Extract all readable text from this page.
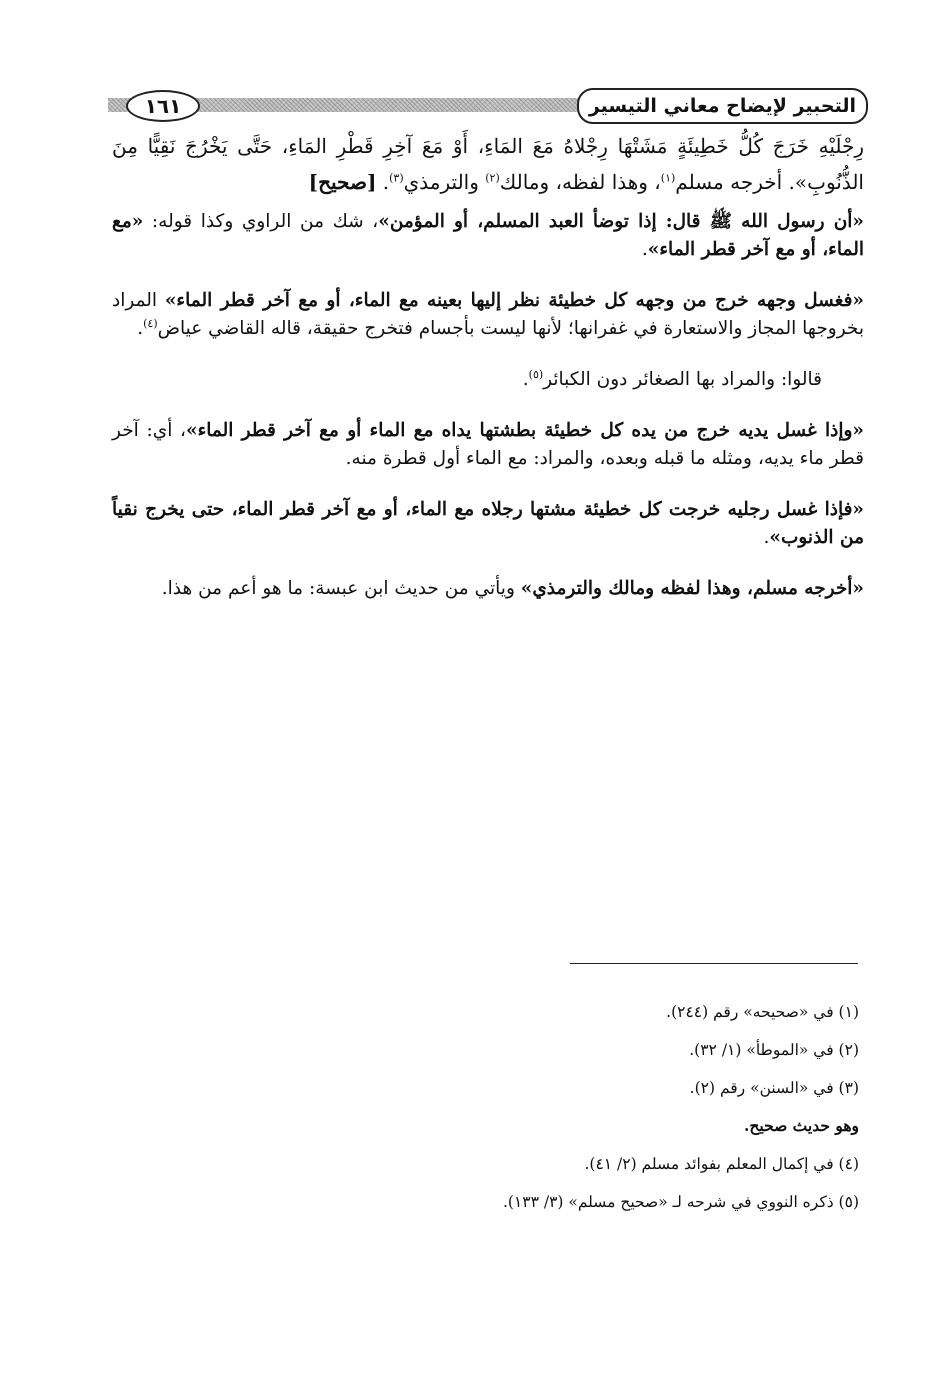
التحبير لإيضاح معاني التيسير
١٦١

رِجْلَيْهِ خَرَجَ كُلُّ خَطِيئَةٍ مَشَتْهَا رِجْلاهُ مَعَ المَاءِ، أَوْ مَعَ آخِرِ قَطْرِ المَاءِ، حَتَّى يَخْرُجَ نَقِيًّا مِنَ الذُّنُوبِ». أخرجه مسلم$^{(١)}$، وهذا لفظه، ومالك$^{(٢)}$ والترمذي$^{(٣)}$. [صحيح]

«أن رسول الله ﷺ قال: إذا توضأ العبد المسلم، أو المؤمن»، شك من الراوي وكذا قوله: «مع الماء، أو مع آخر قطر الماء».

«فغسل وجهه خرج من وجهه كل خطيئة نظر إليها بعينه مع الماء، أو مع آخر قطر الماء» المراد بخروجها المجاز والاستعارة في غفرانها؛ لأنها ليست بأجسام فتخرج حقيقة، قاله القاضي عياض$^{(٤)}$.

قالوا: والمراد بها الصغائر دون الكبائر$^{(٥)}$.

«وإذا غسل يديه خرج من يده كل خطيئة بطشتها يداه مع الماء أو مع آخر قطر الماء»، أي: آخر قطر ماء يديه، ومثله ما قبله وبعده، والمراد: مع الماء أول قطرة منه.

«فإذا غسل رجليه خرجت كل خطيئة مشتها رجلاه مع الماء، أو مع آخر قطر الماء، حتى يخرج نقياً من الذنوب».

«أخرجه مسلم، وهذا لفظه ومالك والترمذي» ويأتي من حديث ابن عبسة: ما هو أعم من هذا.

(١) في «صحيحه» رقم (٢٤٤).
(٢) في «الموطأ» (١/ ٣٢).
(٣) في «السنن» رقم (٢).
وهو حديث صحيح.
(٤) في إكمال المعلم بفوائد مسلم (٢/ ٤١).
(٥) ذكره النووي في شرحه لـ «صحيح مسلم» (٣/ ١٣٣).
